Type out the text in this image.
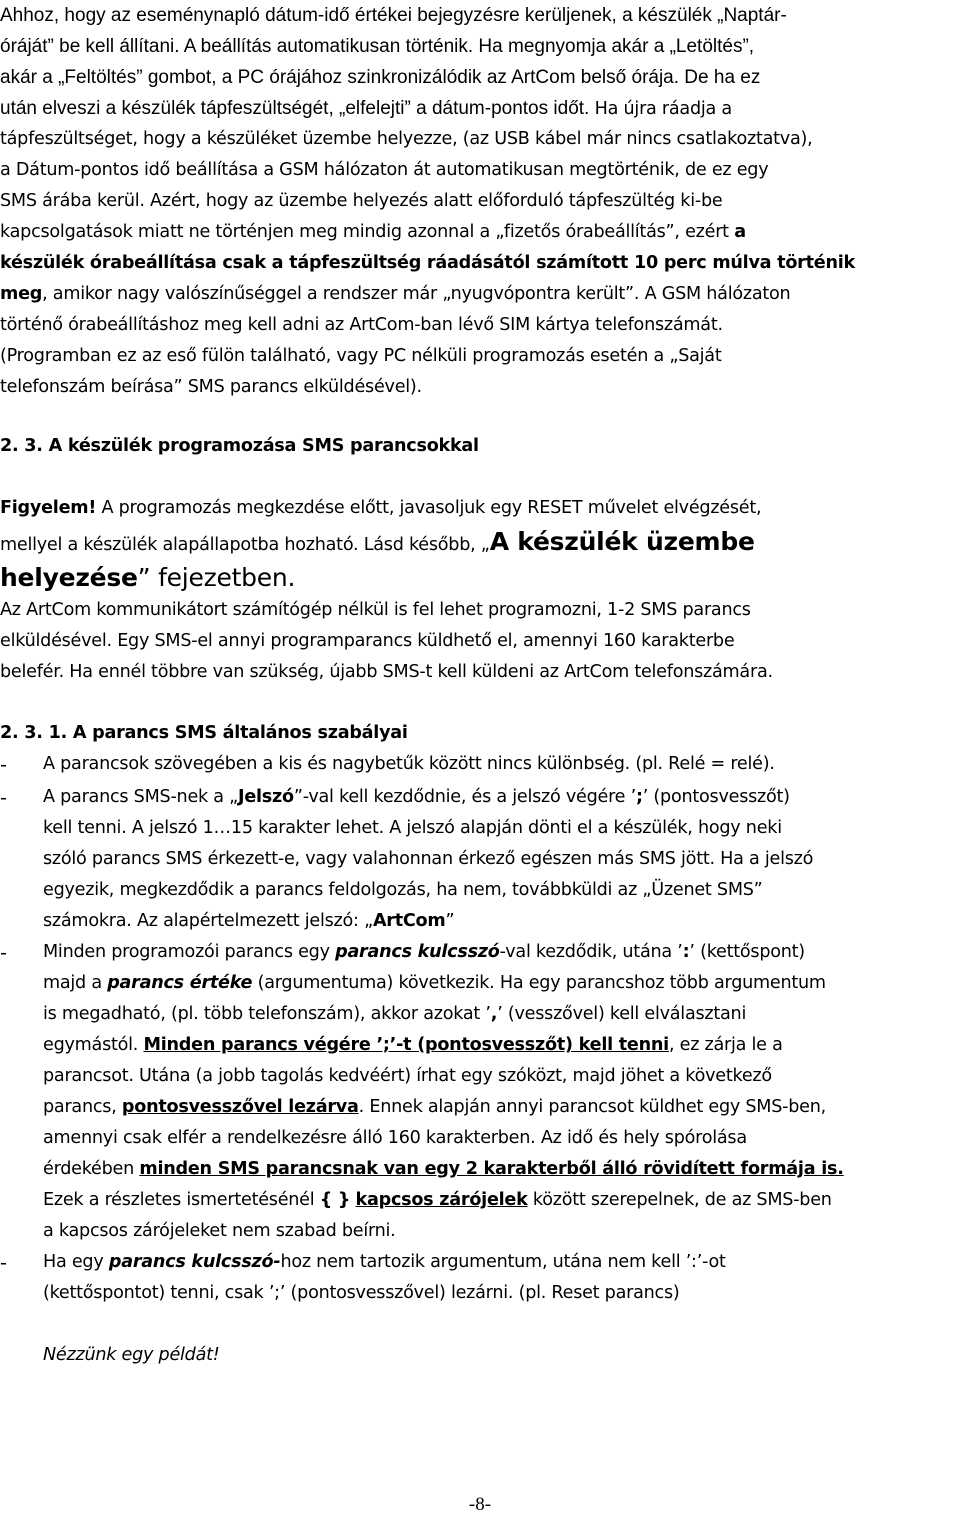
Ahhoz, hogy az eseménynapló dátum-idő értékei bejegyzésre kerüljenek, a készülék „Naptár-
óráját” be kell állítani. A beállítás automatikusan történik. Ha megnyomja akár a „Letöltés”,
akár a „Feltöltés” gombot, a PC órájához szinkronizálódik az ArtCom belső órája. De ha ez
után elveszi a készülék tápfeszültségét, „elfelejti” a dátum-pontos időt. Ha újra ráadja a
tápfeszültséget, hogy a készüléket üzembe helyezze, (az USB kábel már nincs csatlakoztatva),
a Dátum-pontos idő beállítása a GSM hálózaton át automatikusan megtörténik, de ez egy
SMS árába kerül. Azért, hogy az üzembe helyezés alatt előforduló tápfeszültég ki-be
kapcsolgatások miatt ne történjen meg mindig azonnal a „fizetős órabeállítás”, ezért a
készülék órabeállítása csak a tápfeszültség ráadásától számított 10 perc múlva történik
meg, amikor nagy valószínűséggel a rendszer már „nyugvópontra került”. A GSM hálózaton
történő órabeállításhoz meg kell adni az ArtCom-ban lévő SIM kártya telefonszámát.
(Programban ez az eső fülön található, vagy PC nélküli programozás esetén a „Saját
telefonszám beírása” SMS parancs elküldésével).
2. 3. A készülék programozása SMS parancsokkal
Figyelem! A programozás megkezdése előtt, javasoljuk egy RESET művelet elvégzését,
mellyel a készülék alapállapotba hozható. Lásd később, „A készülék üzembe
helyezése” fejezetben.
Az ArtCom kommunikátort számítógép nélkül is fel lehet programozni, 1-2 SMS parancs
elküldésével. Egy SMS-el annyi programparancs küldhető el, amennyi 160 karakterbe
belefér. Ha ennél többre van szükség, újabb SMS-t kell küldeni az ArtCom telefonszámára.
2. 3. 1. A parancs SMS általános szabályai
- A parancsok szövegében a kis és nagybetűk között nincs különbség. (pl. Relé = relé).
- A parancs SMS-nek a „Jelszó”-val kell kezdődnie, és a jelszó végére ’;’ (pontosvesszőt)
kell tenni. A jelszó 1…15 karakter lehet. A jelszó alapján dönti el a készülék, hogy neki
szóló parancs SMS érkezett-e, vagy valahonnan érkező egészen más SMS jött. Ha a jelszó
egyezik, megkezdődik a parancs feldolgozás, ha nem, továbbküldi az „Üzenet SMS”
számokra. Az alapértelmezett jelszó: „ArtCom”
- Minden programozói parancs egy parancs kulcsszó-val kezdődik, utána ’:’ (kettőspont)
majd a parancs értéke (argumentuma) következik. Ha egy parancshoz több argumentum
is megadható, (pl. több telefonszám), akkor azokat ’,’ (vesszővel) kell elválasztani
egymástól. Minden parancs végére ’;’-t (pontosvesszőt) kell tenni, ez zárja le a
parancsot. Utána (a jobb tagolás kedvéért) írhat egy szóközt, majd jöhet a következő
parancs, pontosvesszővel lezárva. Ennek alapján annyi parancsot küldhet egy SMS-ben,
amennyi csak elfér a rendelkezésre álló 160 karakterben. Az idő és hely spórolása
érdekében minden SMS parancsnak van egy 2 karakterből álló rövidített formája is.
Ezek a részletes ismertetésénél { } kapcsos zárójelek között szerepelnek, de az SMS-ben
a kapcsos zárójeleket nem szabad beírni.
- Ha egy parancs kulcsszó-hoz nem tartozik argumentum, utána nem kell ’:’-ot
(kettőspontot) tenni, csak ’;’ (pontosvesszővel) lezárni. (pl. Reset parancs)
Nézzünk egy példát!
-8-
